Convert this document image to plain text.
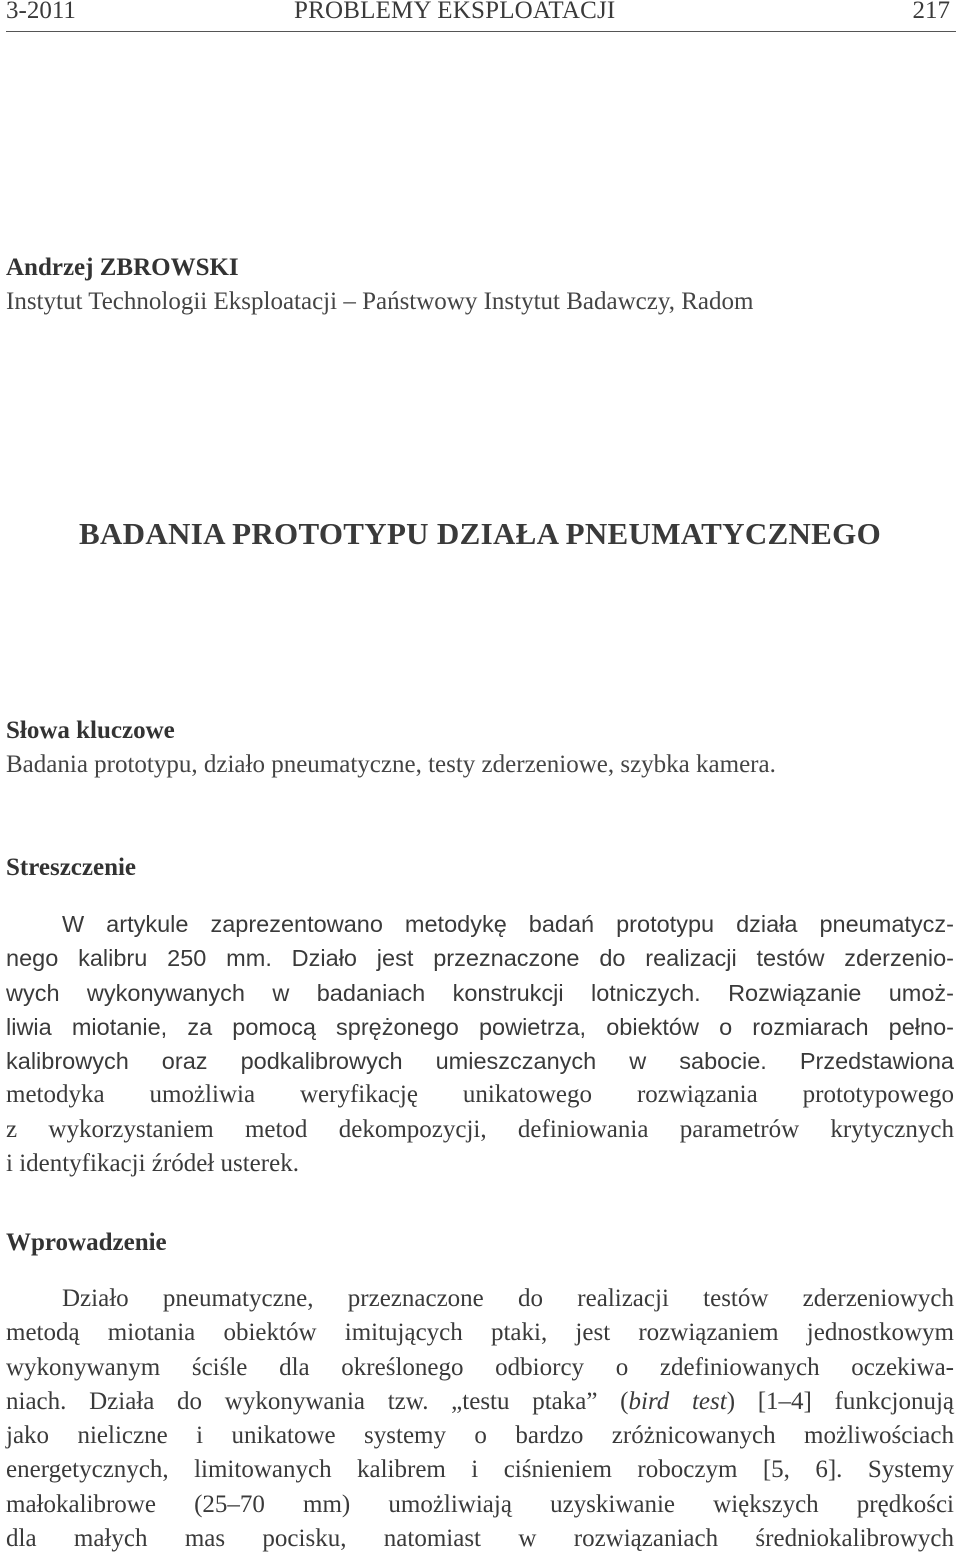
3-2011	PROBLEMY EKSPLOATACJI	217
Andrzej ZBROWSKI
Instytut Technologii Eksploatacji – Państwowy Instytut Badawczy, Radom
BADANIA PROTOTYPU DZIAŁA PNEUMATYCZNEGO
Słowa kluczowe
Badania prototypu, działo pneumatyczne, testy zderzeniowe, szybka kamera.
Streszczenie
W artykule zaprezentowano metodykę badań prototypu działa pneumatycz-
nego kalibru 250 mm. Działo jest przeznaczone do realizacji testów zderzenio-
wych wykonywanych w badaniach konstrukcji lotniczych. Rozwiązanie umoż-
liwia miotanie, za pomocą sprężonego powietrza, obiektów o rozmiarach pełno-
kalibrowych oraz podkalibrowych umieszczanych w sabocie. Przedstawiona
metodyka umożliwia weryfikację unikatowego rozwiązania prototypowego
z wykorzystaniem metod dekompozycji, definiowania parametrów krytycznych
i identyfikacji źródeł usterek.
Wprowadzenie
Działo pneumatyczne, przeznaczone do realizacji testów zderzeniowych
metodą miotania obiektów imitujących ptaki, jest rozwiązaniem jednostkowym
wykonywanym ściśle dla określonego odbiorcy o zdefiniowanych oczekiwa-
niach. Działa do wykonywania tzw. „testu ptaka” (bird test) [1–4] funkcjonują
jako nieliczne i unikatowe systemy o bardzo zróżnicowanych możliwościach
energetycznych, limitowanych kalibrem i ciśnieniem roboczym [5, 6]. Systemy
małokalibrowe (25–70 mm) umożliwiają uzyskiwanie większych prędkości
dla małych mas pocisku, natomiast w rozwiązaniach średniokalibrowych
